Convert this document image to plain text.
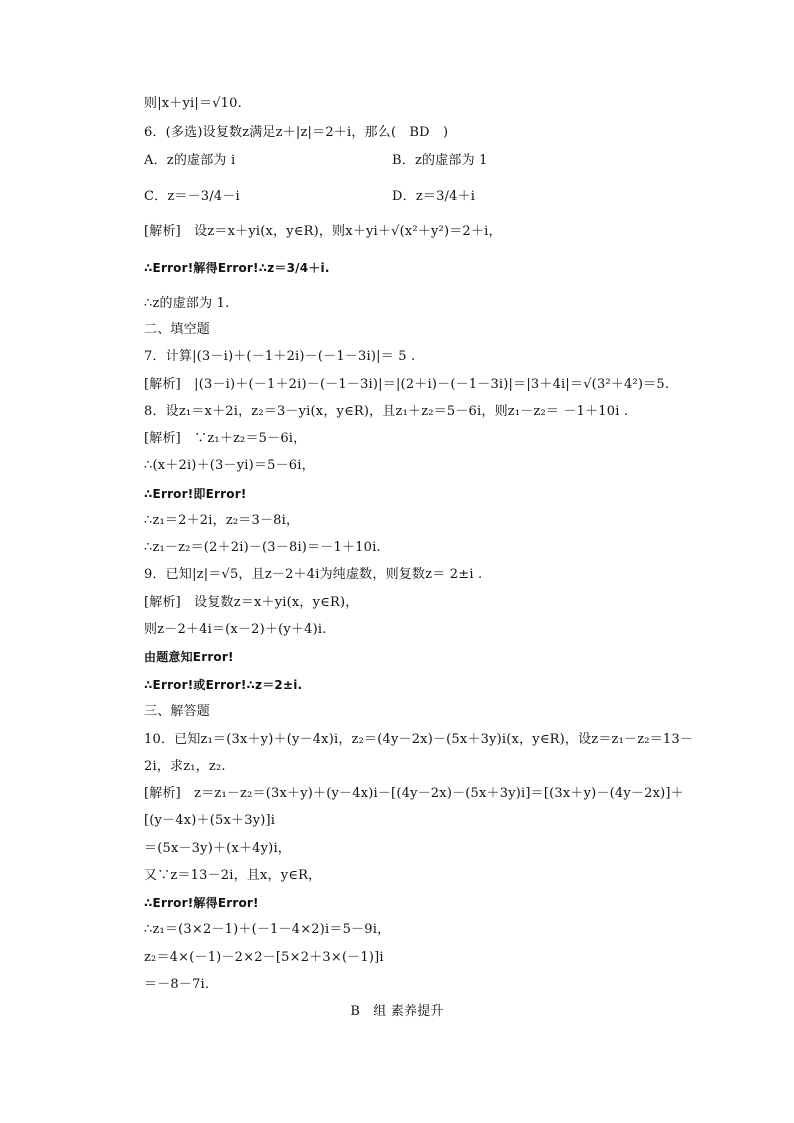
则|x＋yi|＝√10.
6．(多选)设复数z满足z＋|z|＝2＋i，那么(　BD　)
A．z的虚部为 i	B．z的虚部为 1
C．z＝－3/4－i	D．z＝3/4＋i
[解析]　设z＝x＋yi(x，y∈R)，则x＋yi＋√(x²＋y²)＝2＋i，
∴Error!解得Error!∴z＝3/4＋i.
∴z的虚部为 1.
二、填空题
7．计算|(3－i)＋(－1＋2i)－(－1－3i)|＝ 5 .
[解析]　|(3－i)＋(－1＋2i)－(－1－3i)|＝|(2＋i)－(－1－3i)|＝|3＋4i|＝√(3²＋4²)＝5.
8．设z₁＝x＋2i，z₂＝3－yi(x，y∈R)，且z₁＋z₂＝5－6i，则z₁－z₂＝ －1＋10i .
[解析]　∵z₁＋z₂＝5－6i，
∴(x＋2i)＋(3－yi)＝5－6i，
∴Error!即Error!
∴z₁＝2＋2i，z₂＝3－8i，
∴z₁－z₂＝(2＋2i)－(3－8i)＝－1＋10i.
9．已知|z|＝√5，且z－2＋4i为纯虚数，则复数z＝ 2±i .
[解析]　设复数z＝x＋yi(x，y∈R)，
则z－2＋4i＝(x－2)＋(y＋4)i.
由题意知Error!
∴Error!或Error!∴z＝2±i.
三、解答题
10．已知z₁＝(3x＋y)＋(y－4x)i，z₂＝(4y－2x)－(5x＋3y)i(x，y∈R)，设z＝z₁－z₂＝13－
2i，求z₁，z₂.
[解析]　z＝z₁－z₂＝(3x＋y)＋(y－4x)i－[(4y－2x)－(5x＋3y)i]＝[(3x＋y)－(4y－2x)]＋
[(y－4x)＋(5x＋3y)]i
＝(5x－3y)＋(x＋4y)i，
又∵z＝13－2i，且x，y∈R，
∴Error!解得Error!
∴z₁＝(3×2－1)＋(－1－4×2)i＝5－9i，
z₂＝4×(－1)－2×2－[5×2＋3×(－1)]i
＝－8－7i.
B　组 素养提升
